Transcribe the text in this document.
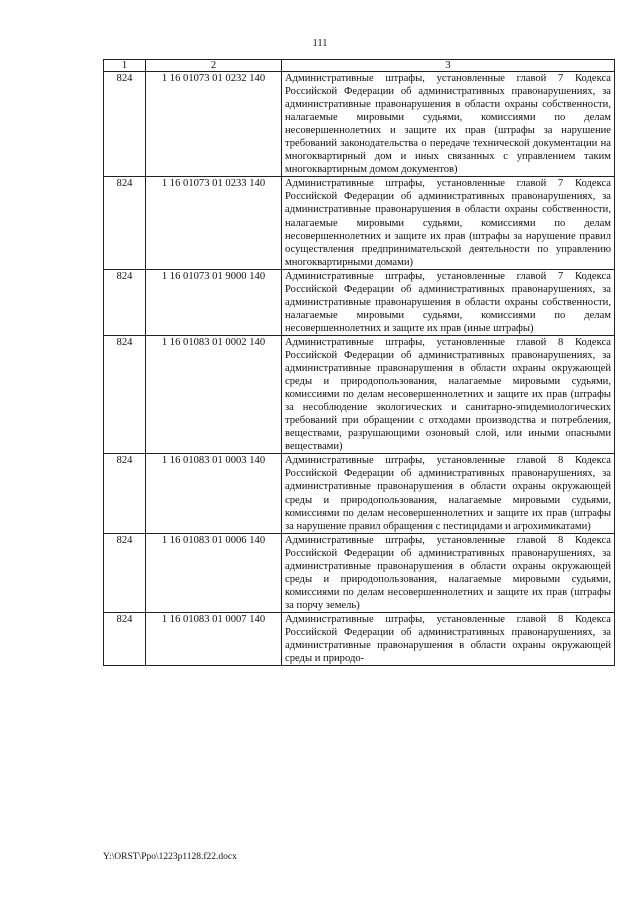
111
1	2	3
824	1 16 01073 01 0232 140	Административные штрафы, установленные главой 7 Кодекса Российской Федерации об административных правонарушениях, за административные правонарушения в области охраны собственности, налагаемые мировыми судьями, комиссиями по делам несовершеннолетних и защите их прав (штрафы за нарушение требований законодательства о передаче технической документации на многоквартирный дом и иных связанных с управлением таким многоквартирным домом документов)
824	1 16 01073 01 0233 140	Административные штрафы, установленные главой 7 Кодекса Российской Федерации об административных правонарушениях, за административные правонарушения в области охраны собственности, налагаемые мировыми судьями, комиссиями по делам несовершеннолетних и защите их прав (штрафы за нарушение правил осуществления предпринимательской деятельности по управлению многоквартирными домами)
824	1 16 01073 01 9000 140	Административные штрафы, установленные главой 7 Кодекса Российской Федерации об административных правонарушениях, за административные правонарушения в области охраны собственности, налагаемые мировыми судьями, комиссиями по делам несовершеннолетних и защите их прав (иные штрафы)
824	1 16 01083 01 0002 140	Административные штрафы, установленные главой 8 Кодекса Российской Федерации об административных правонарушениях, за административные правонарушения в области охраны окружающей среды и природопользования, налагаемые мировыми судьями, комиссиями по делам несовершеннолетних и защите их прав (штрафы за несоблюдение экологических и санитарно-эпидемиологических требований при обращении с отходами производства и потребления, веществами, разрушающими озоновый слой, или иными опасными веществами)
824	1 16 01083 01 0003 140	Административные штрафы, установленные главой 8 Кодекса Российской Федерации об административных правонарушениях, за административные правонарушения в области охраны окружающей среды и природопользования, налагаемые мировыми судьями, комиссиями по делам несовершеннолетних и защите их прав (штрафы за нарушение правил обращения с пестицидами и агрохимикатами)
824	1 16 01083 01 0006 140	Административные штрафы, установленные главой 8 Кодекса Российской Федерации об административных правонарушениях, за административные правонарушения в области охраны окружающей среды и природопользования, налагаемые мировыми судьями, комиссиями по делам несовершеннолетних и защите их прав (штрафы за порчу земель)
824	1 16 01083 01 0007 140	Административные штрафы, установленные главой 8 Кодекса Российской Федерации об административных правонарушениях, за административные правонарушения в области охраны окружающей среды и природо-
Y:\ORST\Ppo\1223p1128.f22.docx
